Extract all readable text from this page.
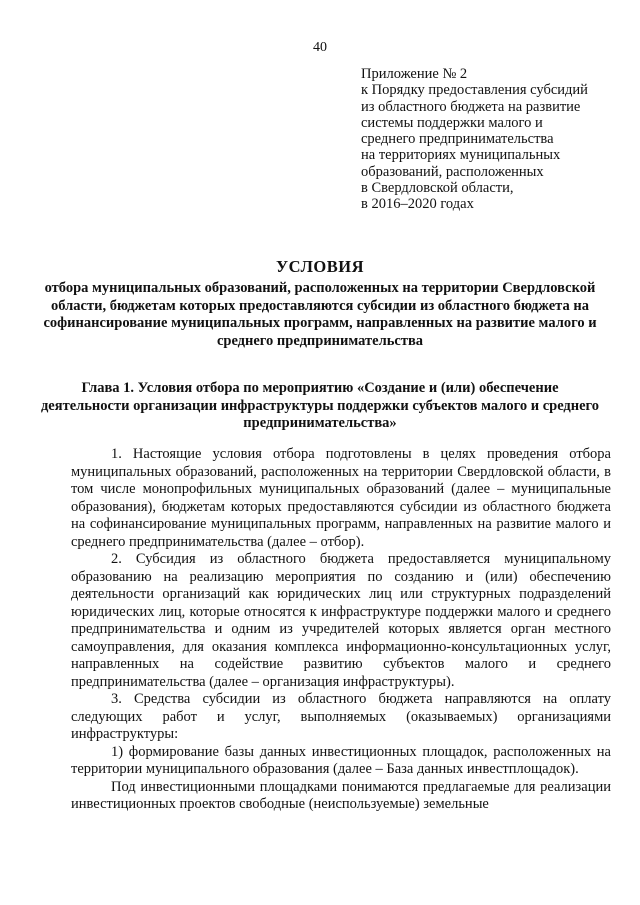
40
Приложение № 2
к Порядку предоставления субсидий
из областного бюджета на развитие
системы поддержки малого и
среднего предпринимательства
на территориях муниципальных
образований, расположенных
в Свердловской области,
в 2016–2020 годах
УСЛОВИЯ
отбора муниципальных образований, расположенных на территории Свердловской области, бюджетам которых предоставляются субсидии из областного бюджета на софинансирование муниципальных программ, направленных на развитие малого и среднего предпринимательства
Глава 1. Условия отбора по мероприятию «Создание и (или) обеспечение деятельности организации инфраструктуры поддержки субъектов малого и среднего предпринимательства»

1. Настоящие условия отбора подготовлены в целях проведения отбора муниципальных образований, расположенных на территории Свердловской области, в том числе монопрофильных муниципальных образований (далее – муниципальные образования), бюджетам которых предоставляются субсидии из областного бюджета на софинансирование муниципальных программ, направленных на развитие малого и среднего предпринимательства (далее – отбор).

2. Субсидия из областного бюджета предоставляется муниципальному образованию на реализацию мероприятия по созданию и (или) обеспечению деятельности организаций как юридических лиц или структурных подразделений юридических лиц, которые относятся к инфраструктуре поддержки малого и среднего предпринимательства и одним из учредителей которых является орган местного самоуправления, для оказания комплекса информационно-консультационных услуг, направленных на содействие развитию субъектов малого и среднего предпринимательства (далее – организация инфраструктуры).

3. Средства субсидии из областного бюджета направляются на оплату следующих работ и услуг, выполняемых (оказываемых) организациями инфраструктуры:

1) формирование базы данных инвестиционных площадок, расположенных на территории муниципального образования (далее – База данных инвестплощадок).

Под инвестиционными площадками понимаются предлагаемые для реализации инвестиционных проектов свободные (неиспользуемые) земельные
